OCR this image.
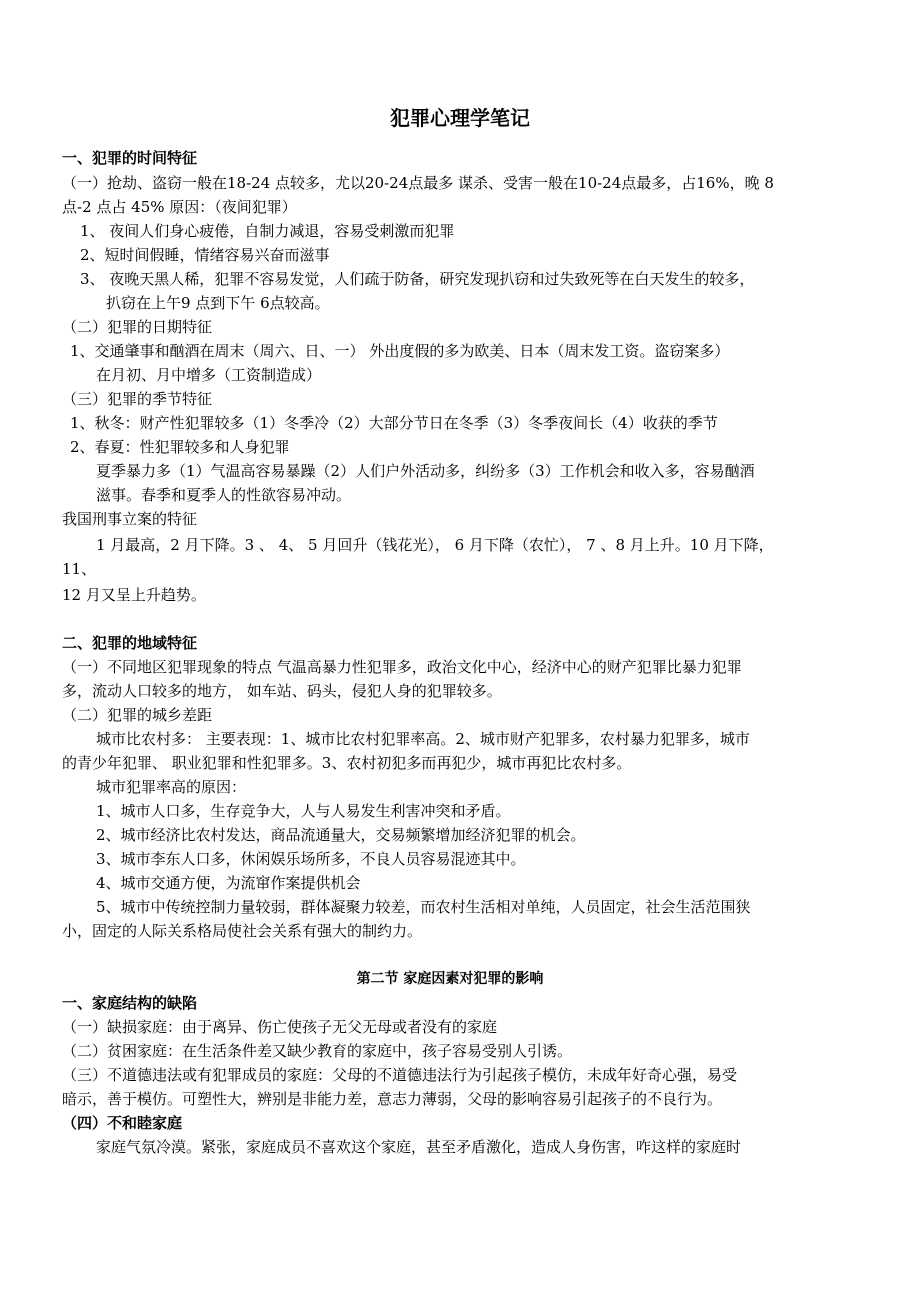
犯罪心理学笔记
一、犯罪的时间特征
（一）抢劫、盗窃一般在18-24 点较多，尤以20-24点最多 谋杀、受害一般在10-24点最多，占16%，晚 8
点-2 点占 45% 原因：（夜间犯罪）
1、 夜间人们身心疲倦，自制力减退，容易受刺激而犯罪
2、短时间假睡，情绪容易兴奋而滋事
3、 夜晚天黑人稀，犯罪不容易发觉，人们疏于防备，研究发现扒窃和过失致死等在白天发生的较多，
扒窃在上午9 点到下午 6点较高。
（二）犯罪的日期特征
1、交通肇事和酗酒在周末（周六、日、一） 外出度假的多为欧美、日本（周末发工资。盗窃案多）
在月初、月中增多（工资制造成）
（三）犯罪的季节特征
1、秋冬：财产性犯罪较多（1）冬季冷（2）大部分节日在冬季（3）冬季夜间长（4）收获的季节
2、春夏：性犯罪较多和人身犯罪
夏季暴力多（1）气温高容易暴躁（2）人们户外活动多，纠纷多（3）工作机会和收入多，容易酗酒
滋事。春季和夏季人的性欲容易冲动。
我国刑事立案的特征
1 月最高，2 月下降。3 、 4、 5 月回升（钱花光）， 6 月下降（农忙）， 7 、8 月上升。10 月下降，
11、
12 月又呈上升趋势。
二、犯罪的地域特征
（一）不同地区犯罪现象的特点 气温高暴力性犯罪多，政治文化中心，经济中心的财产犯罪比暴力犯罪
多，流动人口较多的地方， 如车站、码头，侵犯人身的犯罪较多。
（二）犯罪的城乡差距
城市比农村多： 主要表现：1、城市比农村犯罪率高。2、城市财产犯罪多，农村暴力犯罪多，城市
的青少年犯罪、 职业犯罪和性犯罪多。3、农村初犯多而再犯少，城市再犯比农村多。
城市犯罪率高的原因：
1、城市人口多，生存竞争大，人与人易发生利害冲突和矛盾。
2、城市经济比农村发达，商品流通量大，交易频繁增加经济犯罪的机会。
3、城市李东人口多，休闲娱乐场所多，不良人员容易混迹其中。
4、城市交通方便，为流窜作案提供机会
5、城市中传统控制力量较弱，群体凝聚力较差，而农村生活相对单纯，人员固定，社会生活范围狭
小，固定的人际关系格局使社会关系有强大的制约力。
第二节 家庭因素对犯罪的影响
一、家庭结构的缺陷
（一）缺损家庭：由于离异、伤亡使孩子无父无母或者没有的家庭
（二）贫困家庭：在生活条件差又缺少教育的家庭中，孩子容易受别人引诱。
（三）不道德违法或有犯罪成员的家庭：父母的不道德违法行为引起孩子模仿，未成年好奇心强，易受
暗示，善于模仿。可塑性大，辨别是非能力差，意志力薄弱，父母的影响容易引起孩子的不良行为。
（四）不和睦家庭
家庭气氛冷漠。紧张，家庭成员不喜欢这个家庭，甚至矛盾激化，造成人身伤害，咋这样的家庭时
